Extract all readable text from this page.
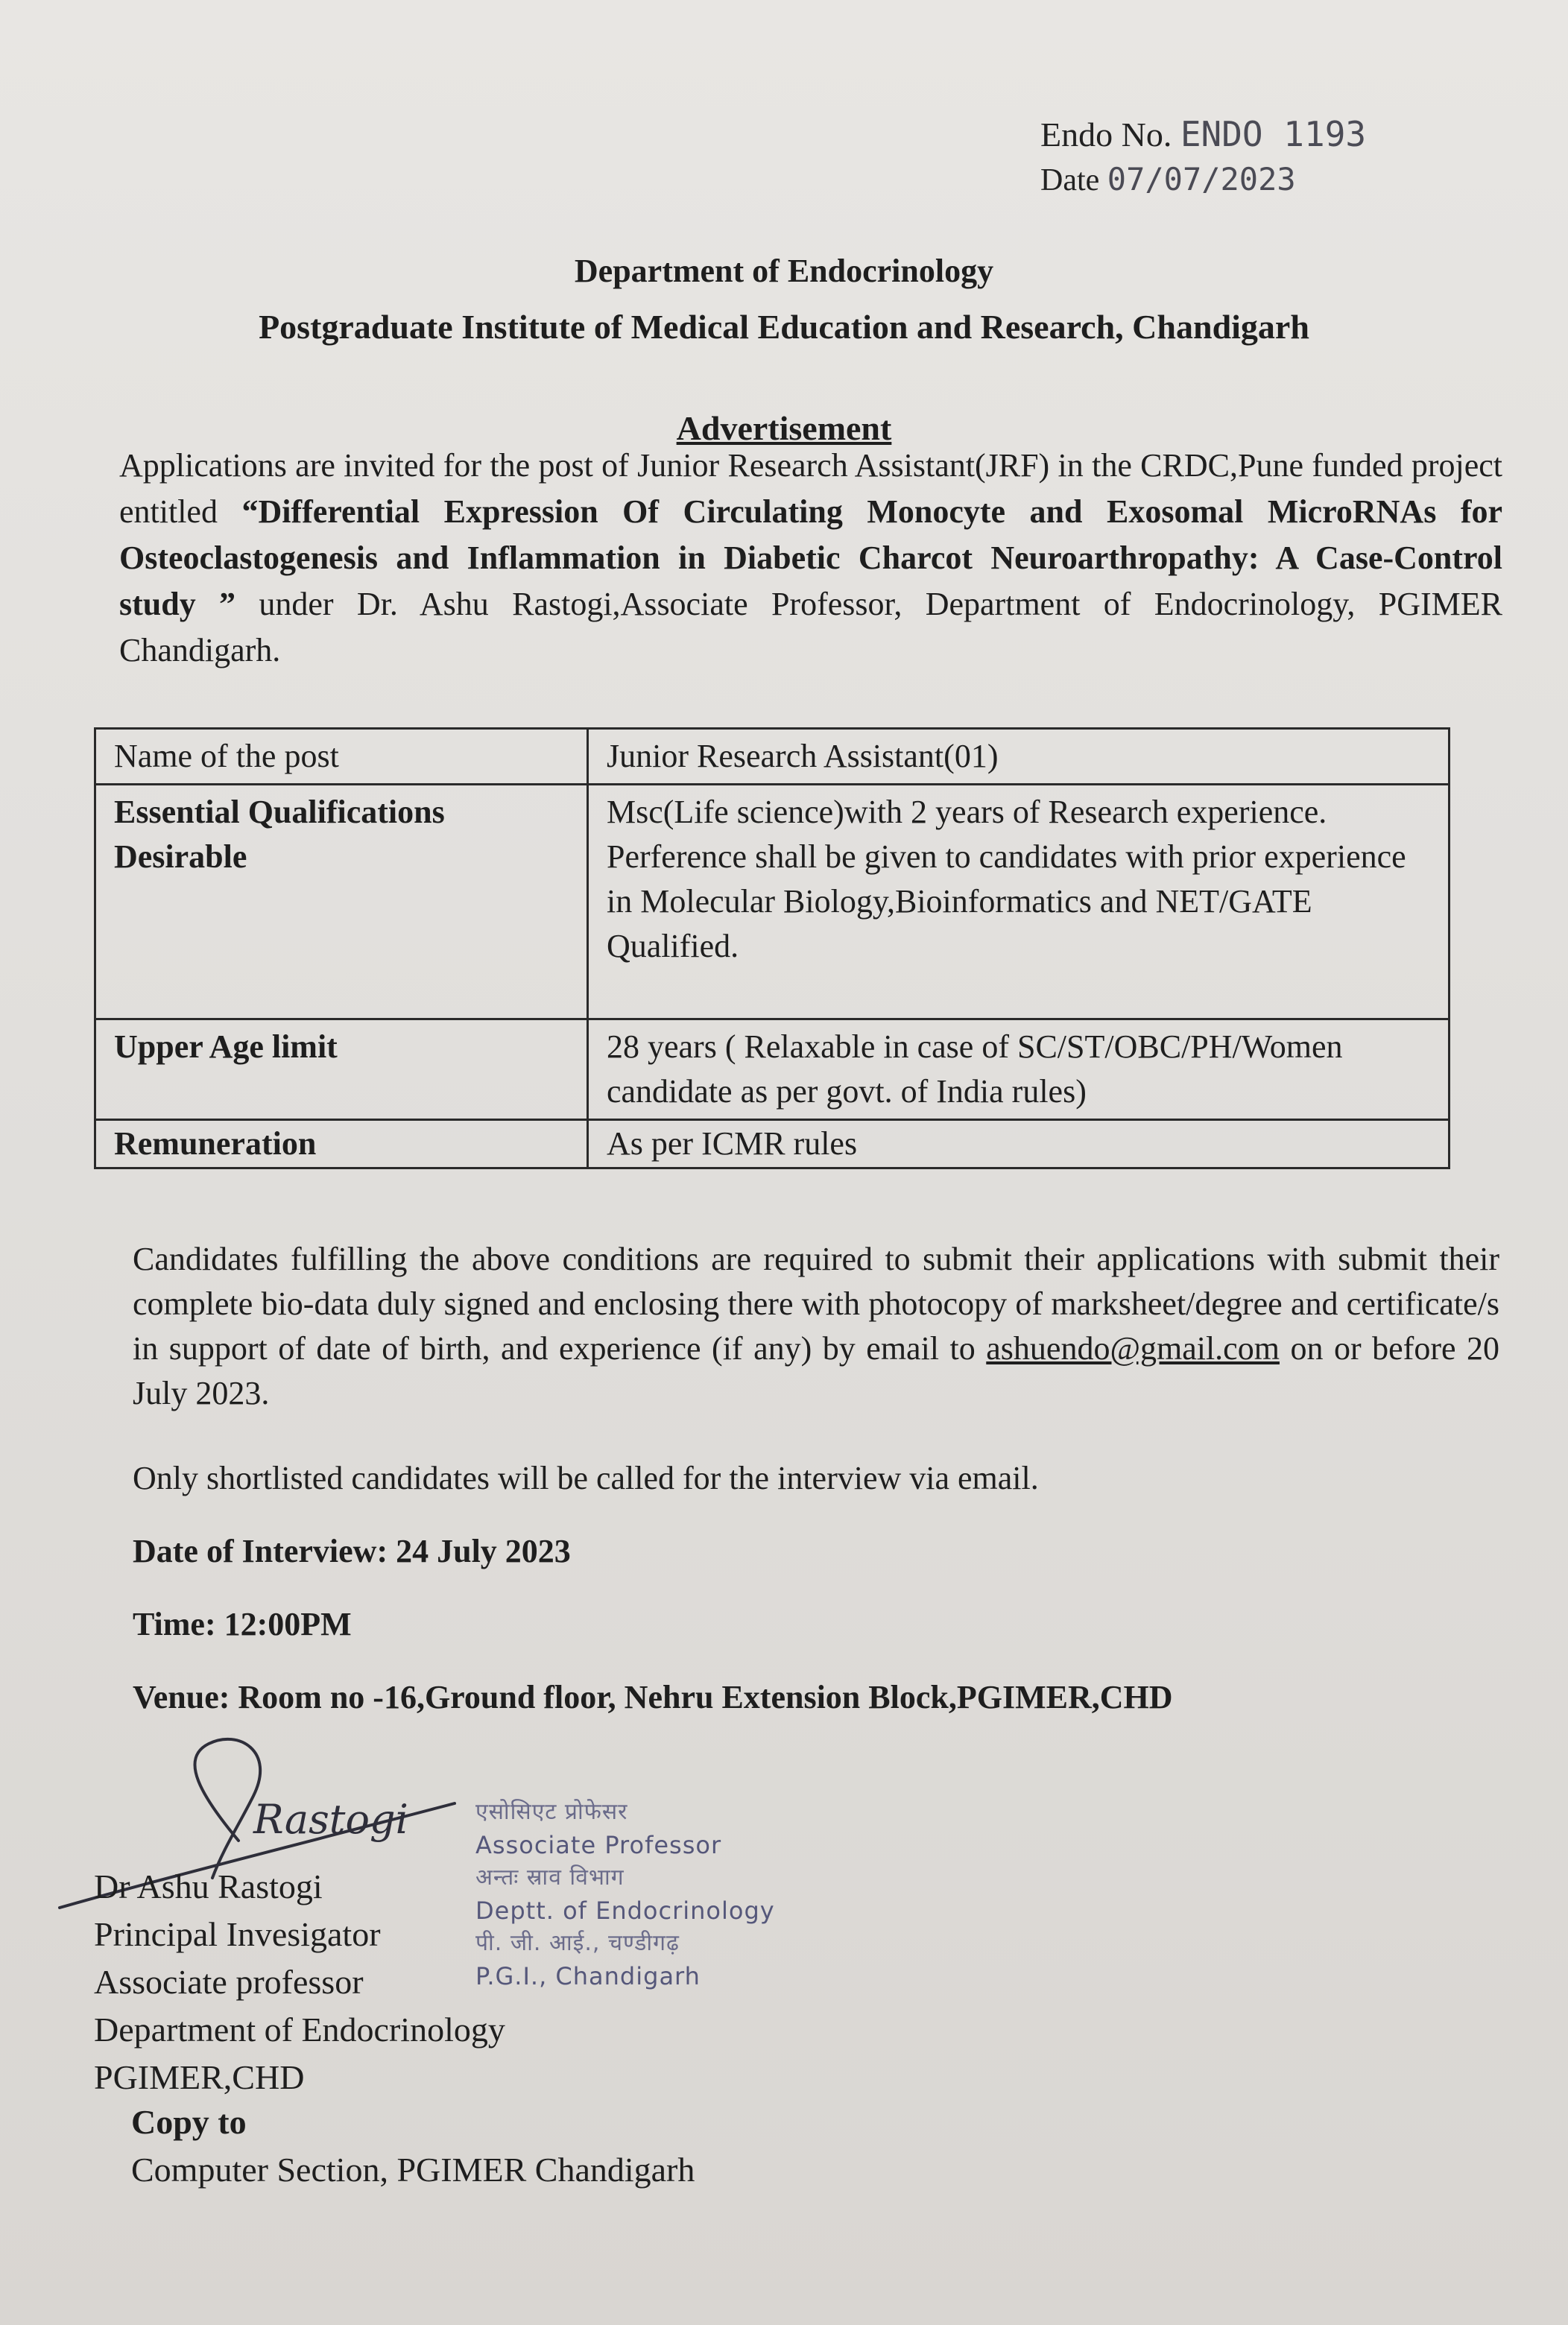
Endo No. ENDO 1193
Date 07/07/2023
Department of Endocrinology
Postgraduate Institute of Medical Education and Research, Chandigarh
Advertisement
Applications are invited for the post of Junior Research Assistant(JRF) in the CRDC,Pune funded project entitled “Differential Expression Of Circulating Monocyte and Exosomal MicroRNAs for Osteoclastogenesis and Inflammation in Diabetic Charcot Neuroarthropathy: A Case-Control study ” under Dr. Ashu Rastogi,Associate Professor, Department of Endocrinology, PGIMER Chandigarh.
Name of the post	Junior Research Assistant(01)

Essential Qualifications
Desirable	Msc(Life science)with 2 years of Research experience. Perference shall be given to candidates with prior experience in Molecular Biology,Bioinformatics and NET/GATE Qualified.
Upper Age limit	28 years ( Relaxable in case of SC/ST/OBC/PH/Women candidate as per govt. of India rules)
Remuneration	As per ICMR rules
Candidates fulfilling the above conditions are required to submit their applications with submit their complete bio-data duly signed and enclosing there with photocopy of marksheet/degree and certificate/s in support of date of birth, and experience (if any) by email to ashuendo@gmail.com on or before 20 July 2023.
Only shortlisted candidates will be called for the interview via email.
Date of Interview: 24 July 2023
Time: 12:00PM
Venue: Room no -16,Ground floor, Nehru Extension Block,PGIMER,CHD
Rastogi
Dr Ashu Rastogi
Principal Invesigator
Associate professor
Department of Endocrinology
PGIMER,CHD
एसोसिएट प्रोफेसर
Associate Professor
अन्तः स्राव विभाग
Deptt. of Endocrinology
पी. जी. आई., चण्डीगढ़
P.G.I., Chandigarh
Copy to
Computer Section, PGIMER Chandigarh
